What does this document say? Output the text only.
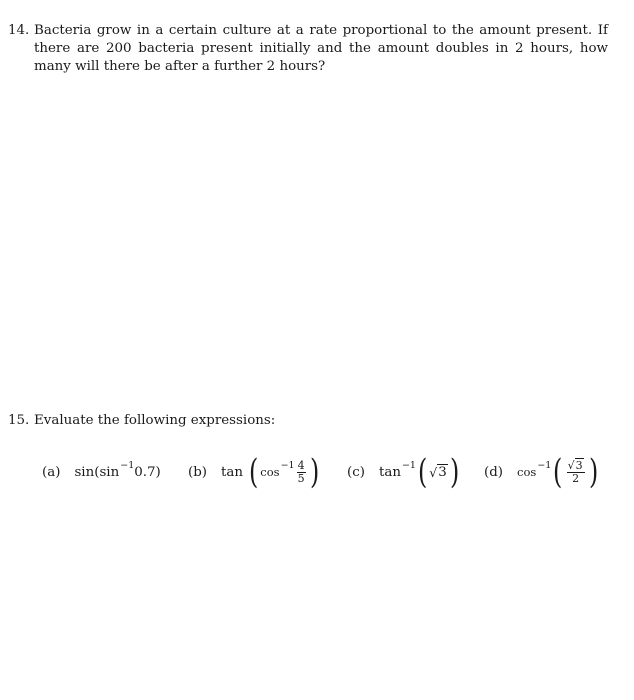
14. Bacteria grow in a certain culture at a rate proportional to the amount present. If there are 200 bacteria present initially and the amount doubles in 2 hours, how many will there be after a further 2 hours?
15. Evaluate the following expressions:
(a) sin(sin −1 0.7) (b) tan ( $\cos -1 \frac{4}{5}$ ) (c) tan −1 ( √ 3 ) (d) cos −1 ( $\frac{√3}{2}$ )
